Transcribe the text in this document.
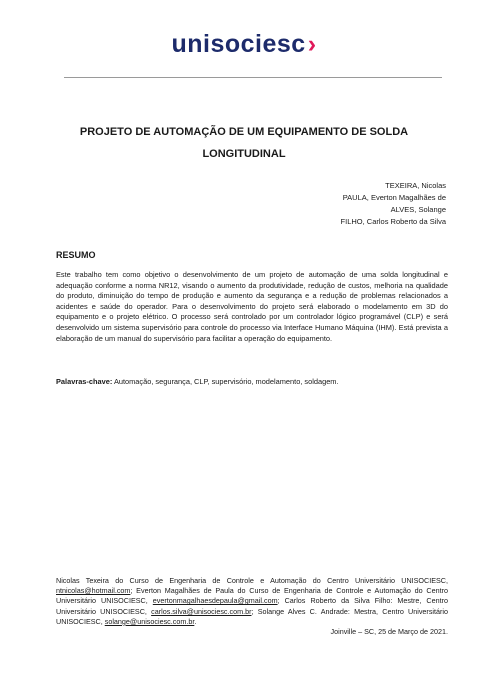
unisociesc›
PROJETO DE AUTOMAÇÃO DE UM EQUIPAMENTO DE SOLDA
LONGITUDINAL
TEXEIRA, Nicolas
PAULA, Everton Magalhães de
ALVES, Solange
FILHO, Carlos Roberto da Silva
RESUMO
Este trabalho tem como objetivo o desenvolvimento de um projeto de automação de uma solda longitudinal e adequação conforme a norma NR12, visando o aumento da produtividade, redução de custos, melhoria na qualidade do produto, diminuição do tempo de produção e aumento da segurança e a redução de problemas relacionados a acidentes e saúde do operador. Para o desenvolvimento do projeto será elaborado o modelamento em 3D do equipamento e o projeto elétrico. O processo será controlado por um controlador lógico programável (CLP) e será desenvolvido um sistema supervisório para controle do processo via Interface Humano Máquina (IHM). Está prevista a elaboração de um manual do supervisório para facilitar a operação do equipamento.
Palavras-chave: Automação, segurança, CLP, supervisório, modelamento, soldagem.
Nicolas Texeira do Curso de Engenharia de Controle e Automação do Centro Universitário UNISOCIESC, ntnicolas@hotmail.com; Everton Magalhães de Paula do Curso de Engenharia de Controle e Automação do Centro Universitário UNISOCIESC, evertonmagalhaesdepaula@gmail.com; Carlos Roberto da Silva Filho: Mestre, Centro Universitário UNISOCIESC, carlos.silva@unisociesc.com.br; Solange Alves C. Andrade: Mestra, Centro Universitário UNISOCIESC, solange@unisociesc.com.br.
Joinville – SC, 25 de Março de 2021.
